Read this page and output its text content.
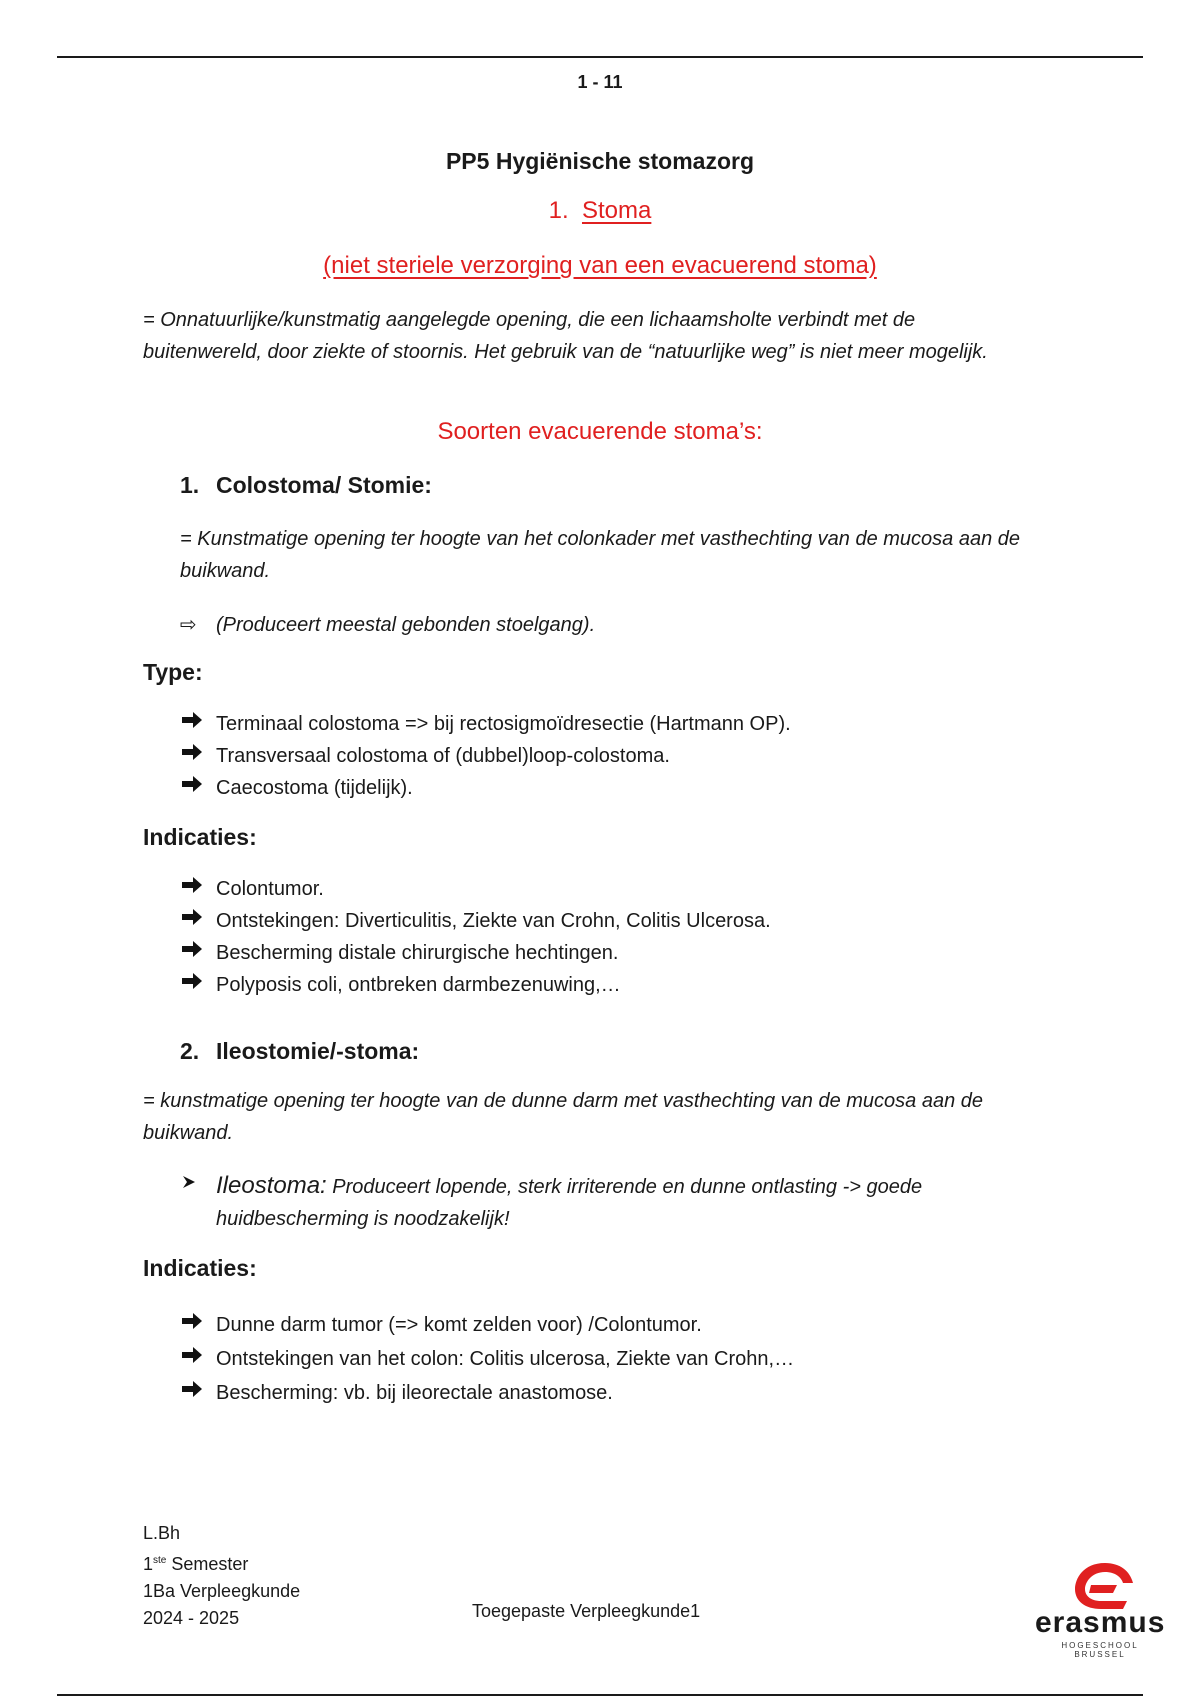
1 - 11
PP5 Hygiënische stomazorg
1. Stoma
(niet steriele verzorging van een evacuerend stoma)
= Onnatuurlijke/kunstmatig aangelegde opening, die een lichaamsholte verbindt met de buitenwereld, door ziekte of stoornis. Het gebruik van de “natuurlijke weg” is niet meer mogelijk.
Soorten evacuerende stoma’s:
1. Colostoma/ Stomie:
= Kunstmatige opening ter hoogte van het colonkader met vasthechting van de mucosa aan de buikwand.
⇨ (Produceert meestal gebonden stoelgang).
Type:
Terminaal colostoma => bij rectosigmoïdresectie (Hartmann OP).
Transversaal colostoma of (dubbel)loop-colostoma.
Caecostoma (tijdelijk).
Indicaties:
Colontumor.
Ontstekingen: Diverticulitis, Ziekte van Crohn, Colitis Ulcerosa.
Bescherming distale chirurgische hechtingen.
Polyposis coli, ontbreken darmbezenuwing,…
2. Ileostomie/-stoma:
= kunstmatige opening ter hoogte van de dunne darm met vasthechting van de mucosa aan de buikwand.
Ileostoma: Produceert lopende, sterk irriterende en dunne ontlasting -> goede huidbescherming is noodzakelijk!
Indicaties:
Dunne darm tumor (=> komt zelden voor) /Colontumor.
Ontstekingen van het colon: Colitis ulcerosa, Ziekte van Crohn,…
Bescherming: vb. bij ileorectale anastomose.
L.Bh
1ste Semester
1Ba Verpleegkunde
2024 - 2025	Toegepaste Verpleegkunde1	erasmus
HOGESCHOOL BRUSSEL
